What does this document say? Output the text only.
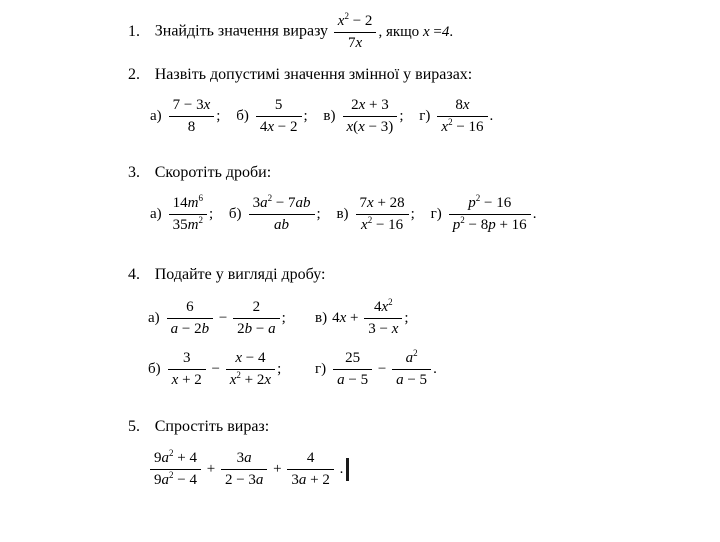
1. Знайдіть значення виразу $\frac{x^2 - 2}{7x}$ , якщо x =4.
2. Назвіть допустимі значення змінної у виразах:
$а) \frac{7 - 3x}{8}$ ; $б) \frac{5}{4x - 2}$ ; $в) \frac{2x + 3}{x(x - 3)}$ ; $г) \frac{8x}{x^2 - 16}$ .
3. Скоротіть дроби:
$а) \frac{14m^6}{35m^2}$ ; $б) \frac{3a^2 - 7ab}{ab}$ ; $в) \frac{7x + 28}{x^2 - 16}$ ; $г) \frac{p^2 - 16}{p^2 - 8p + 16}$ .
4. Подайте у вигляді дробу:
$а) \frac{6}{a - 2b} - \frac{2}{2b - a}$ ; в) $4x + \frac{4x^2}{3 - x}$ ;
$б) \frac{3}{x + 2} - \frac{x - 4}{x^2 + 2x}$ ; $г) \frac{25}{a - 5} - \frac{a^2}{a - 5}$ .
5. Спростіть вираз:
$\frac{9a^2 + 4}{9a^2 - 4} + \frac{3a}{2 - 3a} + \frac{4}{3a + 2}$ .
